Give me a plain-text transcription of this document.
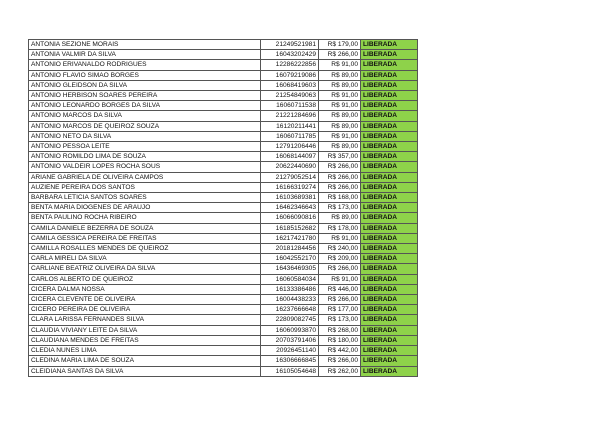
ANTONIA SEZIONE MORAIS	21249521981	R$ 179,00	LIBERADA
ANTONIA VALMIR DA SILVA	16043202429	R$ 266,00	LIBERADA
ANTONIO ERIVANALDO RODRIGUES	12286222856	R$ 91,00	LIBERADA
ANTONIO FLAVIO SIMAO BORGES	16079219086	R$ 89,00	LIBERADA
ANTONIO GLEIDSON DA SILVA	16068419603	R$ 89,00	LIBERADA
ANTONIO HERBISON SOARES PEREIRA	21254849063	R$ 91,00	LIBERADA
ANTONIO LEONARDO BORGES DA SILVA	16060711538	R$ 91,00	LIBERADA
ANTONIO MARCOS DA SILVA	21221284696	R$ 89,00	LIBERADA
ANTONIO MARCOS DE QUEIROZ SOUZA	16120211441	R$ 89,00	LIBERADA
ANTONIO NETO DA SILVA	16060711785	R$ 91,00	LIBERADA
ANTONIO PESSOA LEITE	12791206446	R$ 89,00	LIBERADA
ANTONIO ROMILDO LIMA DE SOUZA	16068144097	R$ 357,00	LIBERADA
ANTONIO VALDEIR LOPES ROCHA SOUS	20622440690	R$ 266,00	LIBERADA
ARIANE GABRIELA DE OLIVEIRA CAMPOS	21279052514	R$ 266,00	LIBERADA
AUZIENE PEREIRA DOS SANTOS	16166319274	R$ 266,00	LIBERADA
BARBARA LETICIA SANTOS SOARES	16103689381	R$ 168,00	LIBERADA
BENTA MARIA DIOGENES DE ARAUJO	16462346643	R$ 173,00	LIBERADA
BENTA PAULINO ROCHA RIBEIRO	16066090816	R$ 89,00	LIBERADA
CAMILA DANIELE BEZERRA DE SOUZA	16185152682	R$ 178,00	LIBERADA
CAMILA GESSICA PEREIRA DE FREITAS	16217421780	R$ 91,00	LIBERADA
CAMILLA ROSALLES MENDES DE QUEIROZ	20181284456	R$ 240,00	LIBERADA
CARLA MIRELI DA SILVA	16042552170	R$ 209,00	LIBERADA
CARLIANE BEATRIZ OLIVEIRA DA SILVA	16436469305	R$ 266,00	LIBERADA
CARLOS ALBERTO DE QUEIROZ	16060584034	R$ 91,00	LIBERADA
CICERA DALMA NOSSA	16133386486	R$ 446,00	LIBERADA
CICERA CLEVENTE DE OLIVEIRA	16004438233	R$ 266,00	LIBERADA
CICERO PEREIRA DE OLIVEIRA	16237666648	R$ 177,00	LIBERADA
CLARA LARISSA FERNANDES SILVA	22809082745	R$ 173,00	LIBERADA
CLAUDIA VIVIANY LEITE DA SILVA	16060993870	R$ 268,00	LIBERADA
CLAUDIANA MENDES DE FREITAS	20703791406	R$ 180,00	LIBERADA
CLEDIA NUNES LIMA	20926451140	R$ 442,00	LIBERADA
CLEDINA MARIA LIMA DE SOUZA	16306666845	R$ 266,00	LIBERADA
CLEIDIANA SANTAS DA SILVA	16105054648	R$ 262,00	LIBERADA
